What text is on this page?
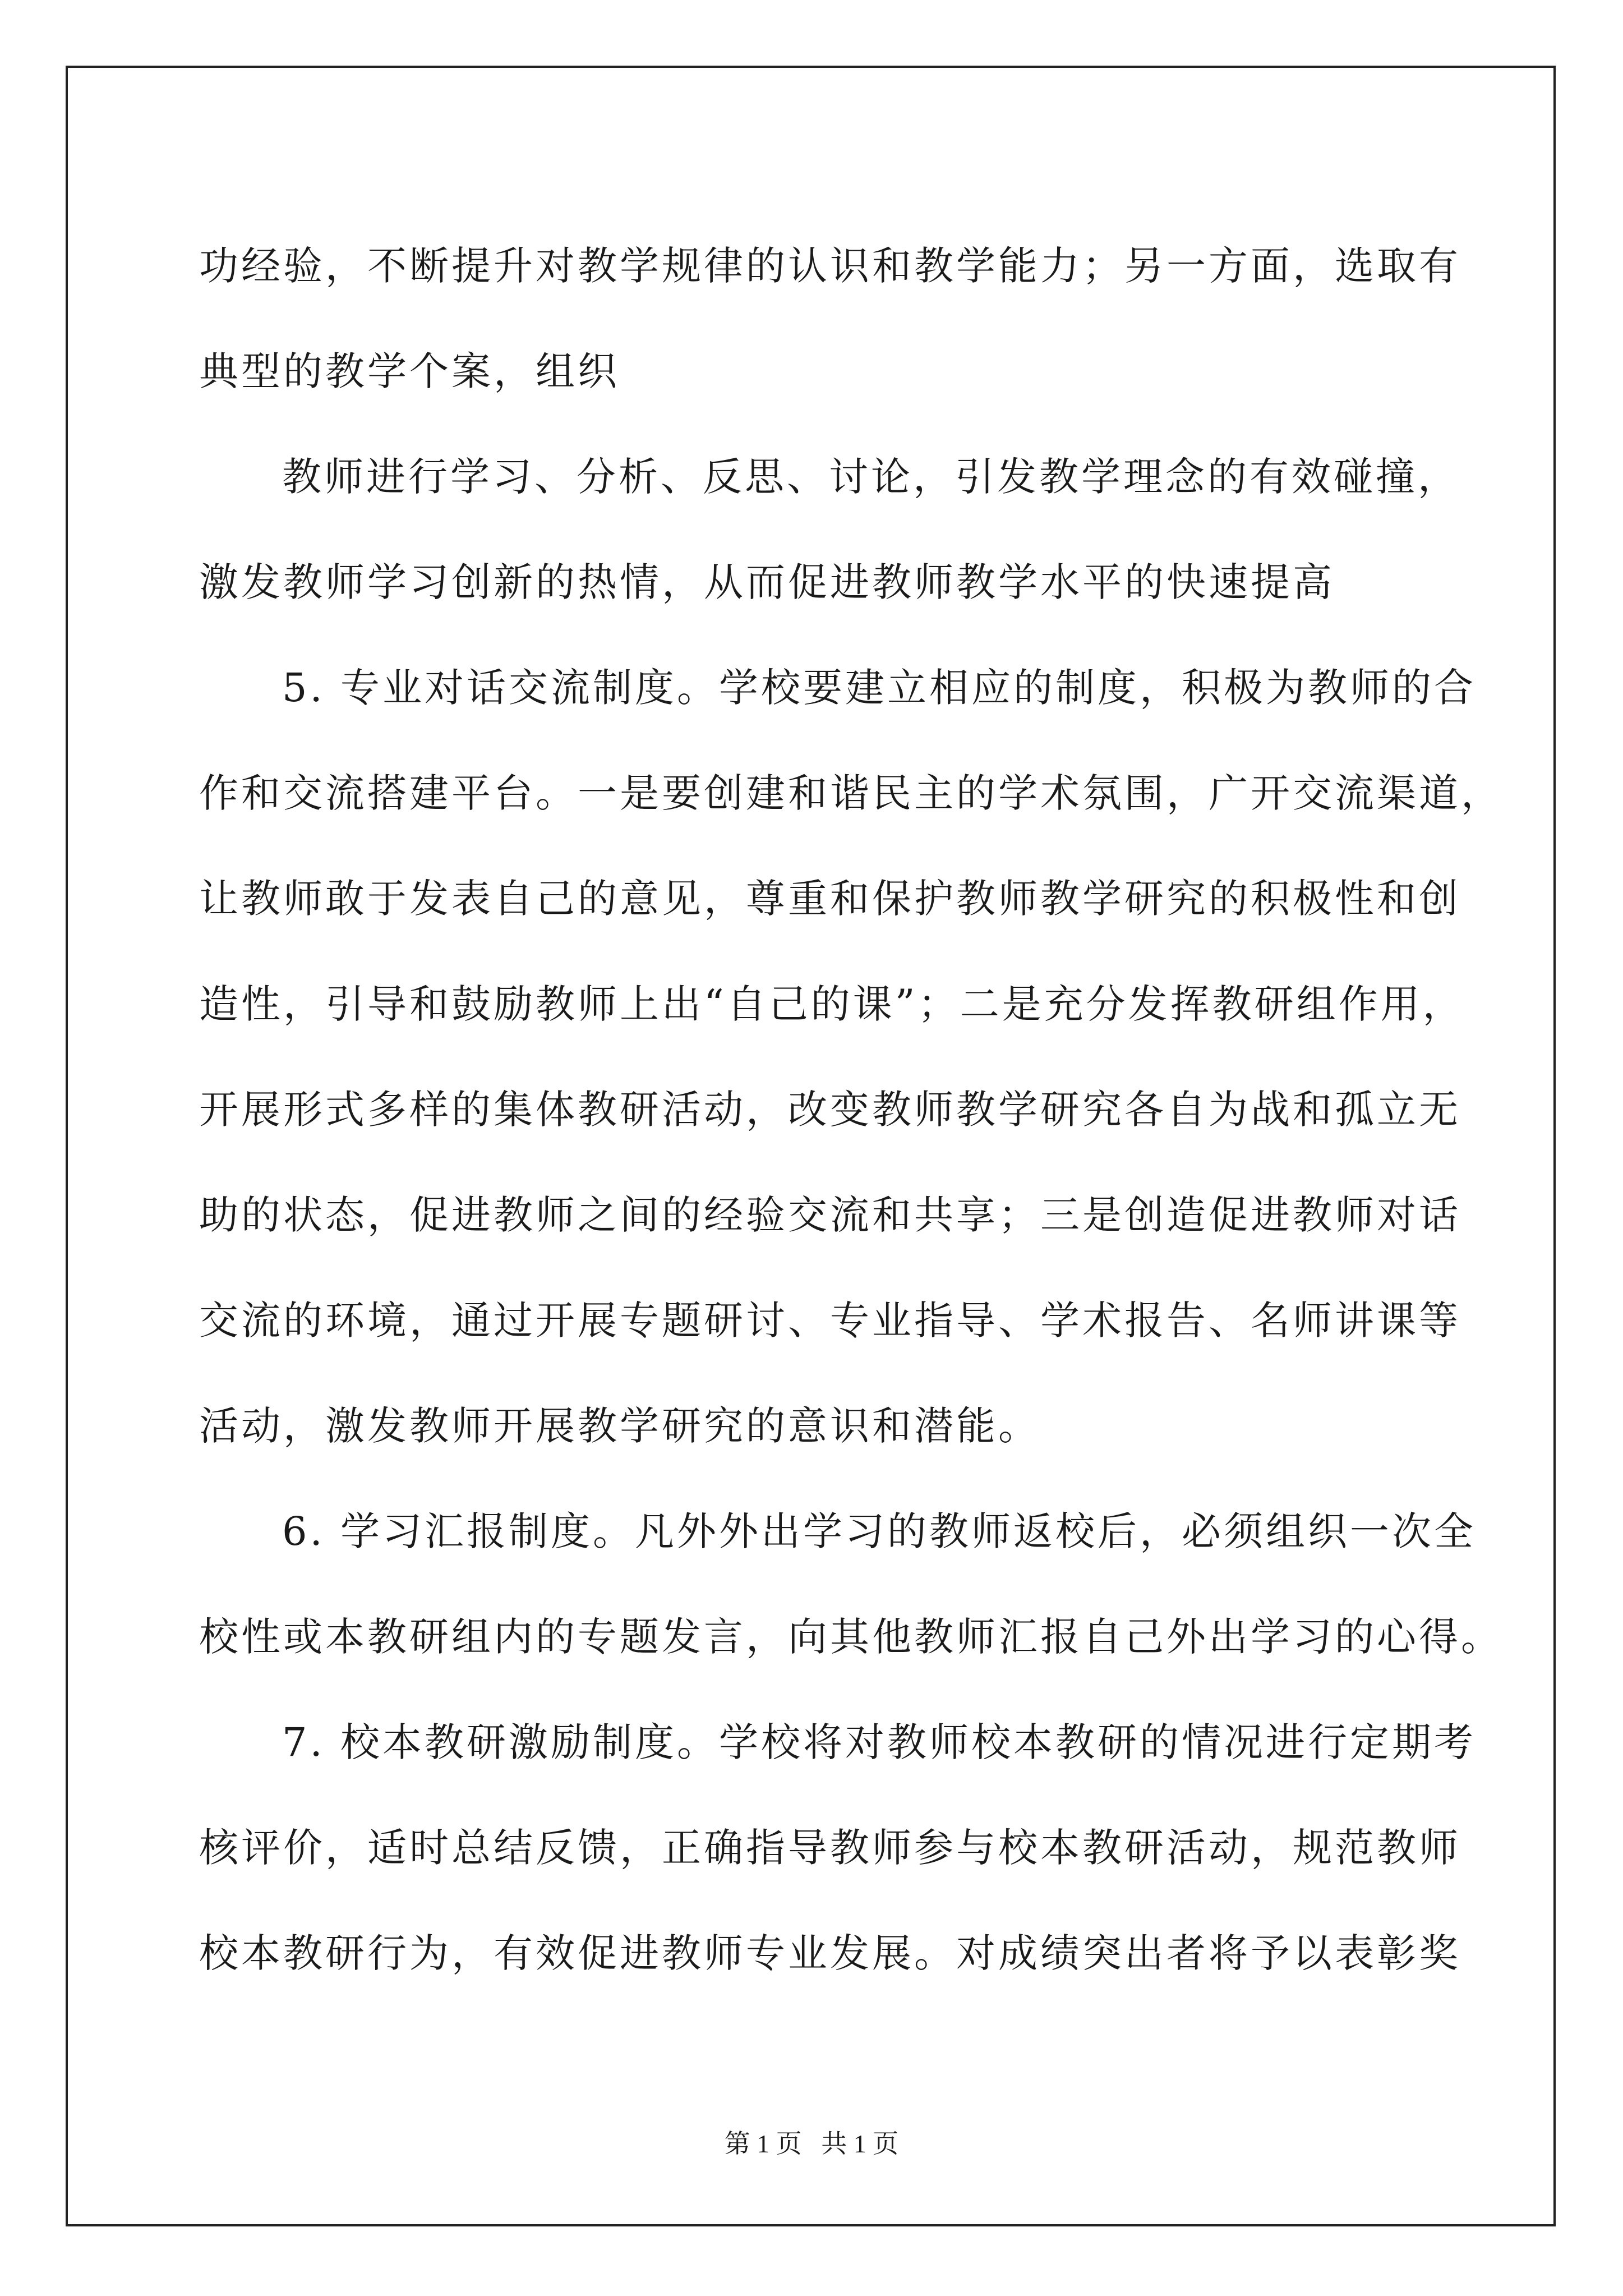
功经验，不断提升对教学规律的认识和教学能力；另一方面，选取有
典型的教学个案，组织
教师进行学习、分析、反思、讨论，引发教学理念的有效碰撞，
激发教师学习创新的热情，从而促进教师教学水平的快速提高
5. 专业对话交流制度。学校要建立相应的制度，积极为教师的合
作和交流搭建平台。一是要创建和谐民主的学术氛围，广开交流渠道，
让教师敢于发表自己的意见，尊重和保护教师教学研究的积极性和创
造性，引导和鼓励教师上出“自己的课”；二是充分发挥教研组作用，
开展形式多样的集体教研活动，改变教师教学研究各自为战和孤立无
助的状态，促进教师之间的经验交流和共享；三是创造促进教师对话
交流的环境，通过开展专题研讨、专业指导、学术报告、名师讲课等
活动，激发教师开展教学研究的意识和潜能。
6. 学习汇报制度。凡外外出学习的教师返校后，必须组织一次全
校性或本教研组内的专题发言，向其他教师汇报自己外出学习的心得。
7. 校本教研激励制度。学校将对教师校本教研的情况进行定期考
核评价，适时总结反馈，正确指导教师参与校本教研活动，规范教师
校本教研行为，有效促进教师专业发展。对成绩突出者将予以表彰奖
第 1 页   共 1 页
